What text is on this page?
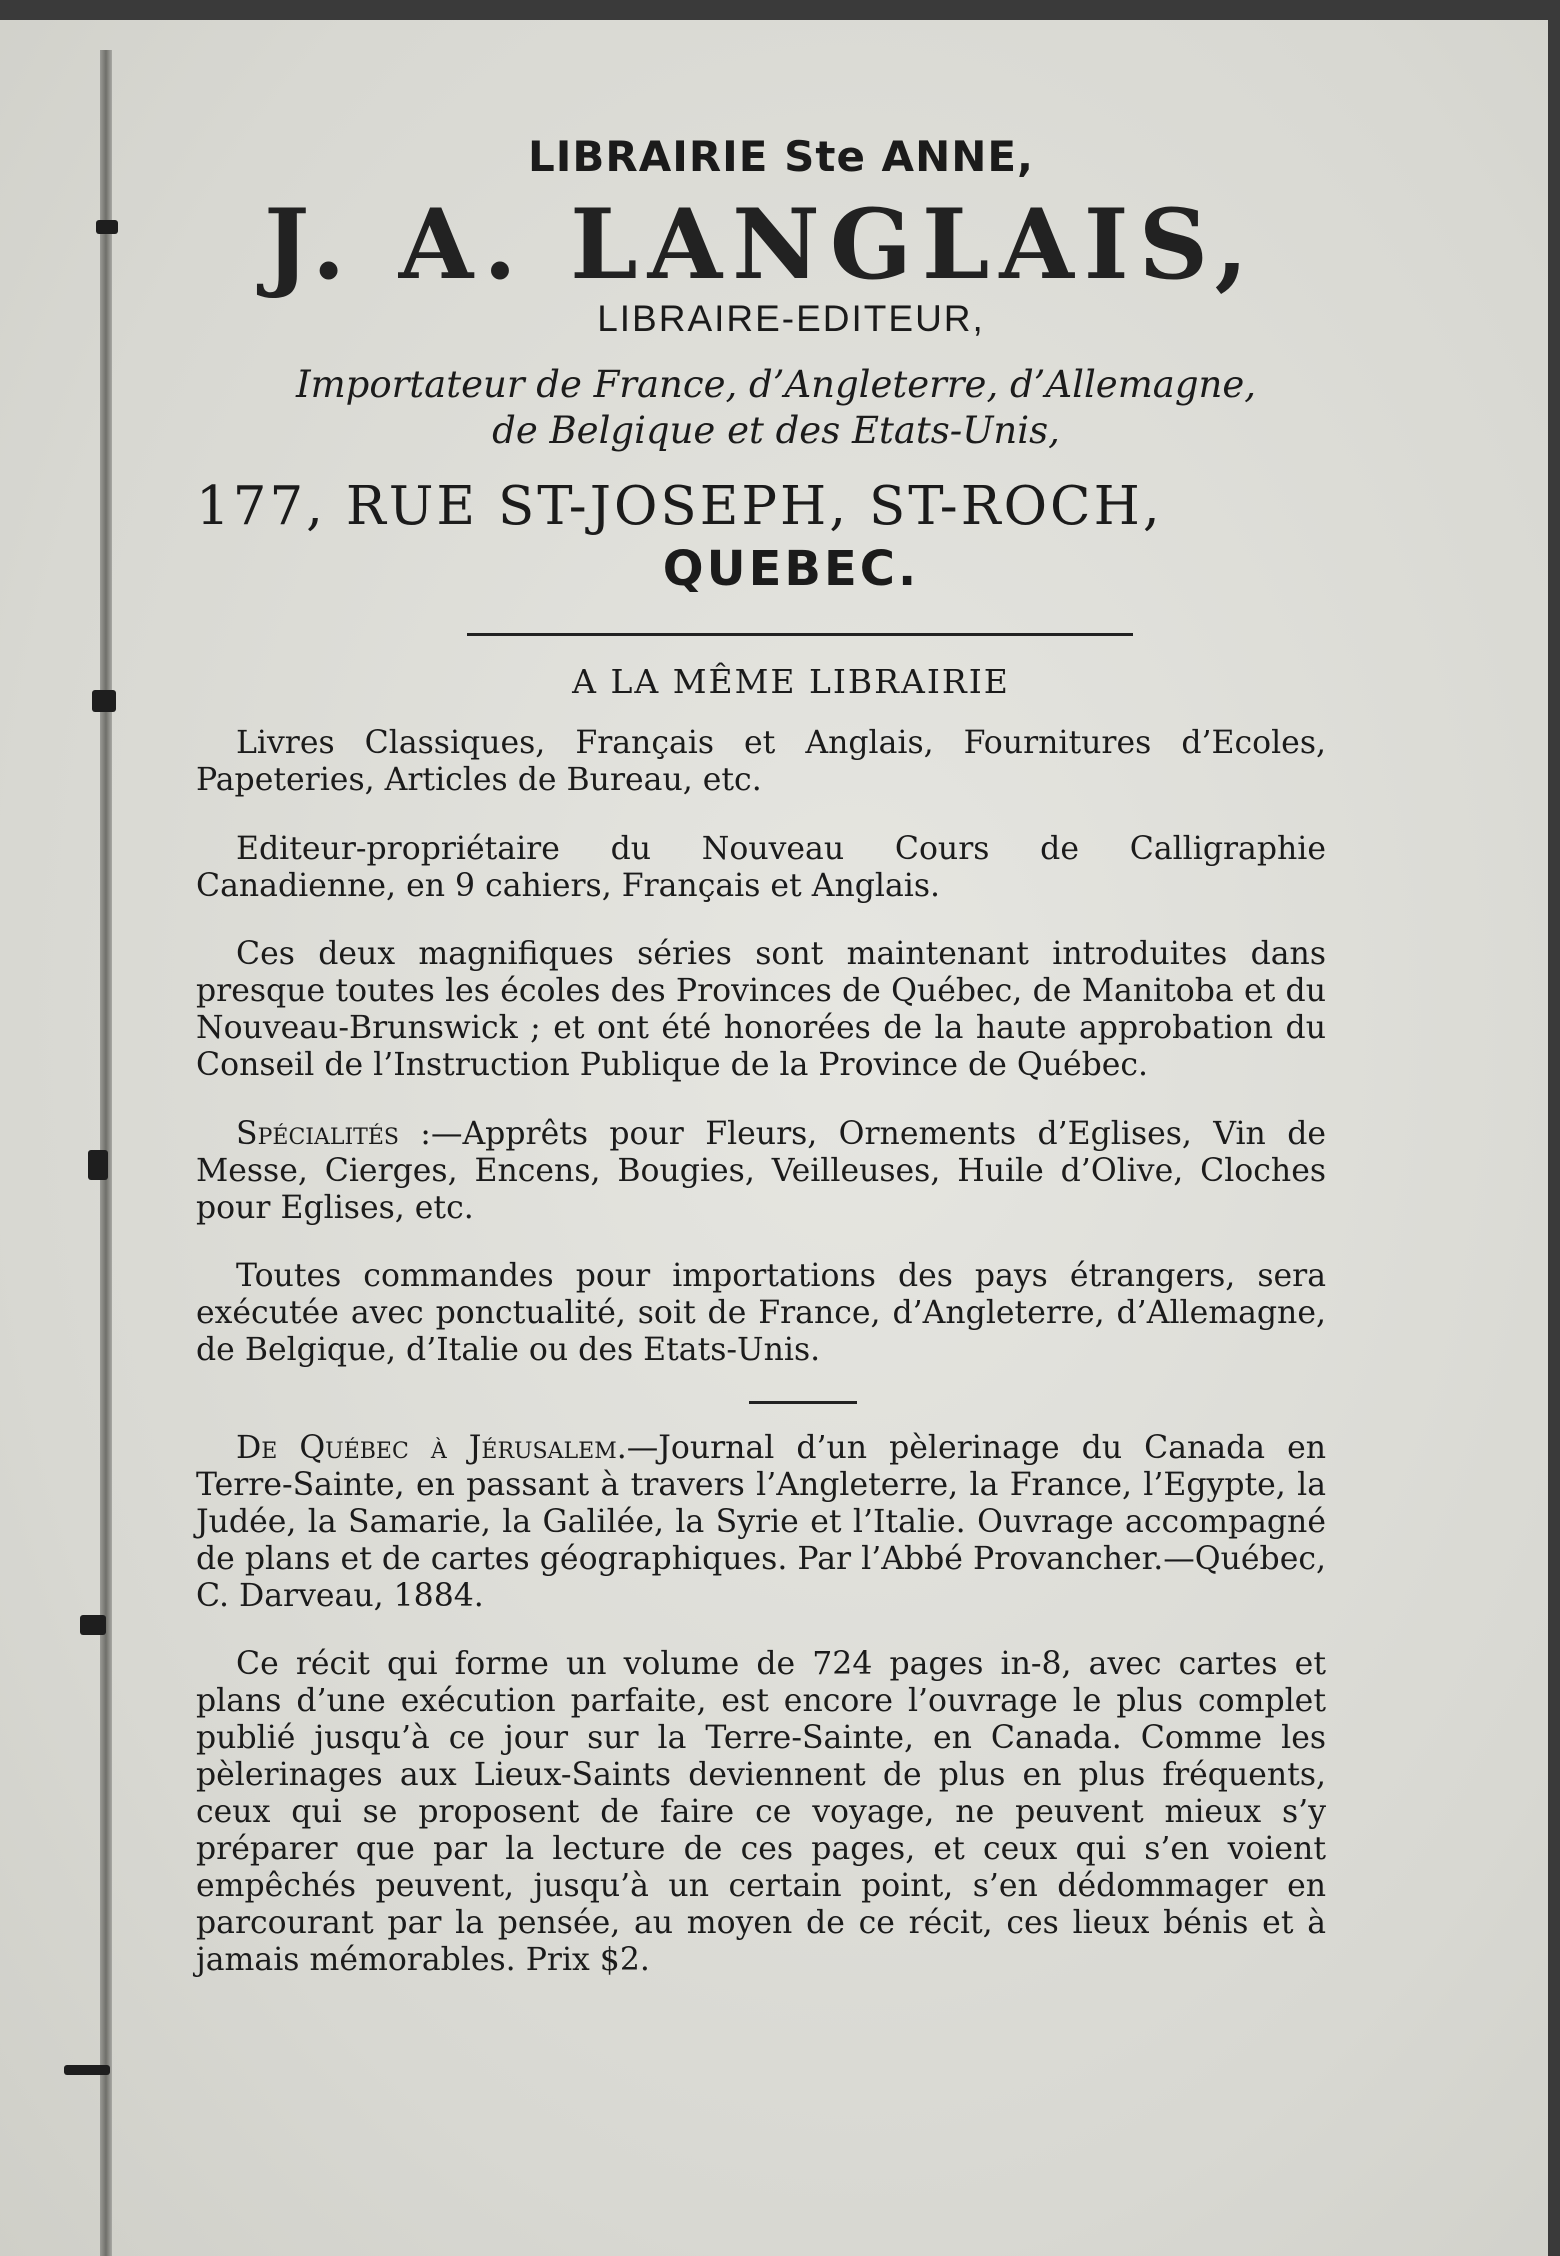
LIBRAIRIE Ste ANNE,
J. A. LANGLAIS,
LIBRAIRE-EDITEUR,
Importateur de France, d’Angleterre, d’Allemagne,
de Belgique et des Etats-Unis,
177, RUE ST-JOSEPH, ST-ROCH,
QUEBEC.
A LA MÊME LIBRAIRIE

Livres Classiques, Français et Anglais, Fournitures d’Ecoles, Papeteries, Articles de Bureau, etc.

Editeur-propriétaire du Nouveau Cours de Calligraphie Canadienne, en 9 cahiers, Français et Anglais.

Ces deux magnifiques séries sont maintenant introduites dans presque toutes les écoles des Provinces de Québec, de Manitoba et du Nouveau-Brunswick ; et ont été honorées de la haute approbation du Conseil de l’Instruction Publique de la Province de Québec.

Spécialités :—Apprêts pour Fleurs, Ornements d’Eglises, Vin de Messe, Cierges, Encens, Bougies, Veilleuses, Huile d’Olive, Cloches pour Eglises, etc.

Toutes commandes pour importations des pays étrangers, sera exécutée avec ponctualité, soit de France, d’Angleterre, d’Allemagne, de Belgique, d’Italie ou des Etats-Unis.

De Québec à Jérusalem.—Journal d’un pèlerinage du Canada en Terre-Sainte, en passant à travers l’Angleterre, la France, l’Egypte, la Judée, la Samarie, la Galilée, la Syrie et l’Italie. Ouvrage accompagné de plans et de cartes géographiques. Par l’Abbé Provancher.—Québec, C. Darveau, 1884.

Ce récit qui forme un volume de 724 pages in-8, avec cartes et plans d’une exécution parfaite, est encore l’ouvrage le plus complet publié jusqu’à ce jour sur la Terre-Sainte, en Canada. Comme les pèlerinages aux Lieux-Saints deviennent de plus en plus fréquents, ceux qui se proposent de faire ce voyage, ne peuvent mieux s’y préparer que par la lecture de ces pages, et ceux qui s’en voient empêchés peuvent, jusqu’à un certain point, s’en dédommager en parcourant par la pensée, au moyen de ce récit, ces lieux bénis et à jamais mémorables. Prix $2.
